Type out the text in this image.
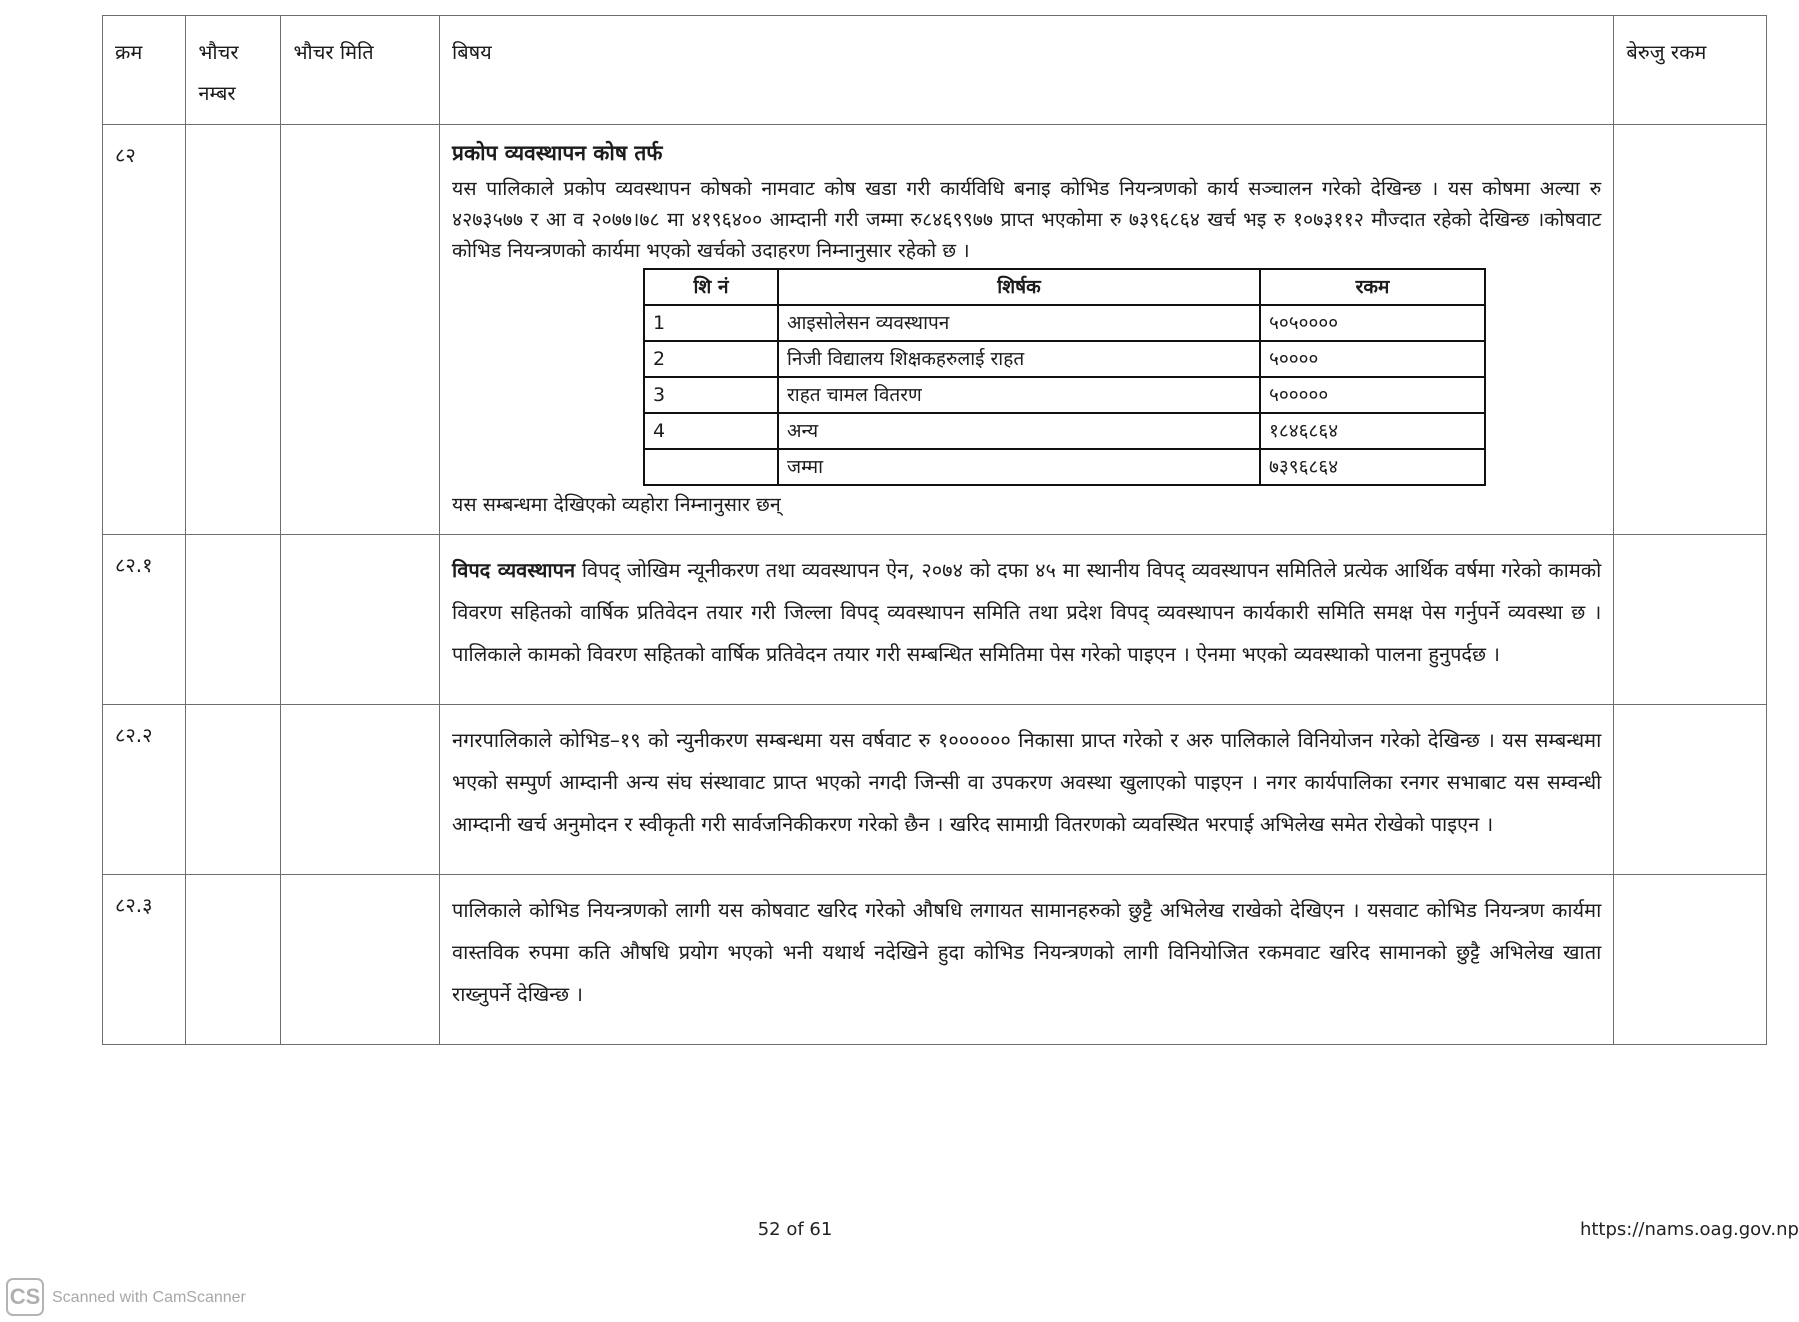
क्रम	भौचर नम्बर	भौचर मिति	बिषय	बेरुजु रकम
८२			प्रकोप व्यवस्थापन कोष तर्फ

यस पालिकाले प्रकोप व्यवस्थापन कोषको नामवाट कोष खडा गरी कार्यविधि बनाइ कोभिड नियन्त्रणको कार्य सञ्चालन गरेको देखिन्छ । यस कोषमा अल्या रु ४२७३५७७ र आ व २०७७।७८ मा ४१९६४०० आम्दानी गरी जम्मा रु८४६९९७७ प्राप्त भएकोमा रु ७३९६८६४ खर्च भइ रु १०७३११२ मौज्दात रहेको देखिन्छ ।कोषवाट कोभिड नियन्त्रणको कार्यमा भएको खर्चको उदाहरण निम्नानुसार रहेको छ ।

शि नं	शिर्षक	रकम
1	आइसोलेसन व्यवस्थापन	५०५००००
2	निजी विद्यालय शिक्षकहरुलाई राहत	५००००
3	राहत चामल वितरण	५०००००
4	अन्य	१८४६८६४
	जम्मा	७३९६८६४

यस सम्बन्धमा देखिएको व्यहोरा निम्नानुसार छन्

८२.१			विपद व्यवस्थापन विपद् जोखिम न्यूनीकरण तथा व्यवस्थापन ऐन, २०७४ को दफा ४५ मा स्थानीय विपद् व्यवस्थापन समितिले प्रत्येक आर्थिक वर्षमा गरेको कामको विवरण सहितको वार्षिक प्रतिवेदन तयार गरी जिल्ला विपद् व्यवस्थापन समिति तथा प्रदेश विपद् व्यवस्थापन कार्यकारी समिति समक्ष पेस गर्नुपर्ने व्यवस्था छ । पालिकाले कामको विवरण सहितको वार्षिक प्रतिवेदन तयार गरी सम्बन्धित समितिमा पेस गरेको पाइएन । ऐनमा भएको व्यवस्थाको पालना हुनुपर्दछ ।

८२.२			नगरपालिकाले कोभिड–१९ को न्युनीकरण सम्बन्धमा यस वर्षवाट रु १०००००० निकासा प्राप्त गरेको र अरु पालिकाले विनियोजन गरेको देखिन्छ । यस सम्बन्धमा भएको सम्पुर्ण आम्दानी अन्य संघ संस्थावाट प्राप्त भएको नगदी जिन्सी वा उपकरण अवस्था खुलाएको पाइएन । नगर कार्यपालिका रनगर सभाबाट यस सम्वन्धी आम्दानी खर्च अनुमोदन र स्वीकृती गरी सार्वजनिकीकरण गरेको छैन । खरिद सामाग्री वितरणको व्यवस्थित भरपाई अभिलेख समेत रोखेको पाइएन ।

८२.३			पालिकाले कोभिड नियन्त्रणको लागी यस कोषवाट खरिद गरेको औषधि लगायत सामानहरुको छुट्टै अभिलेख राखेको देखिएन । यसवाट कोभिड नियन्त्रण कार्यमा वास्तविक रुपमा कति औषधि प्रयोग भएको भनी यथार्थ नदेखिने हुदा कोभिड नियन्त्रणको लागी विनियोजित रकमवाट खरिद सामानको छुट्टै अभिलेख खाता राख्नुपर्ने देखिन्छ ।

52 of 61	https://nams.oag.gov.np
CS Scanned with CamScanner
